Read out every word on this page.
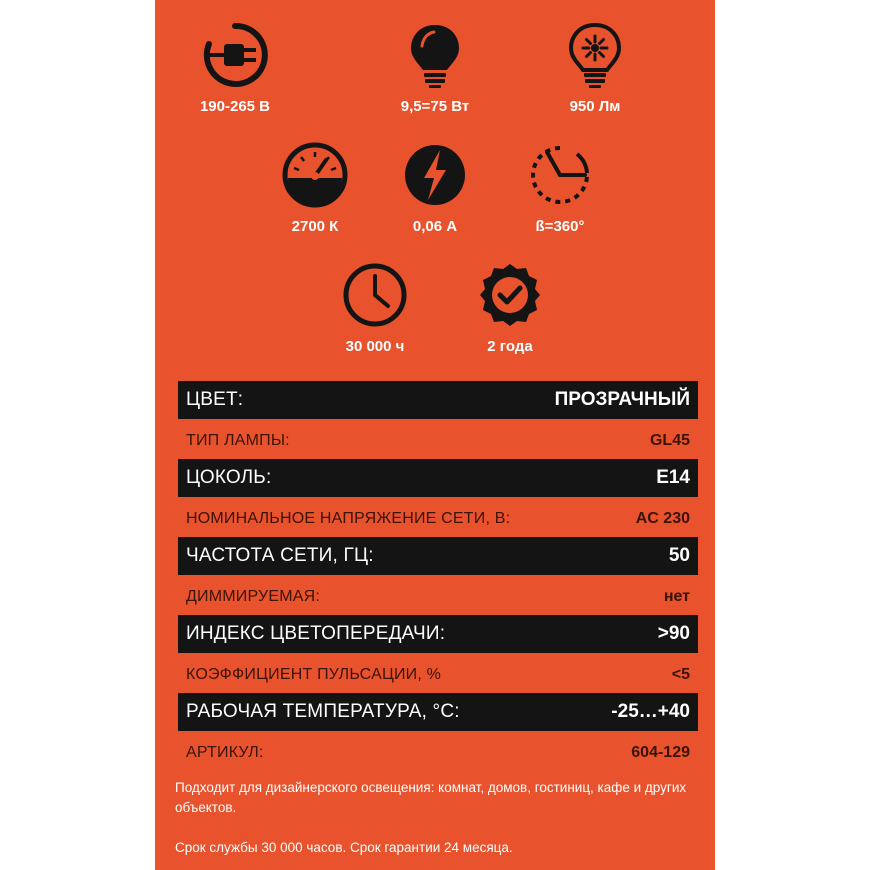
190-265 В	9,5=75 Вт	950 Лм
2700 К	0,06 А	ß=360°
30 000 ч	2 года
ЦВЕТ:	ПРОЗРАЧНЫЙ
ТИП ЛАМПЫ:	GL45
ЦОКОЛЬ:	E14
НОМИНАЛЬНОЕ НАПРЯЖЕНИЕ СЕТИ, В:	AC 230
ЧАСТОТА СЕТИ, ГЦ:	50
ДИММИРУЕМАЯ:	нет
ИНДЕКС ЦВЕТОПЕРЕДАЧИ:	>90
КОЭФФИЦИЕНТ ПУЛЬСАЦИИ, %	<5
РАБОЧАЯ ТЕМПЕРАТУРА, °С:	-25…+40
АРТИКУЛ:	604-129
Подходит для дизайнерского освещения: комнат, домов, гостиниц, кафе и других объектов.
Срок службы 30 000 часов. Срок гарантии 24 месяца.
